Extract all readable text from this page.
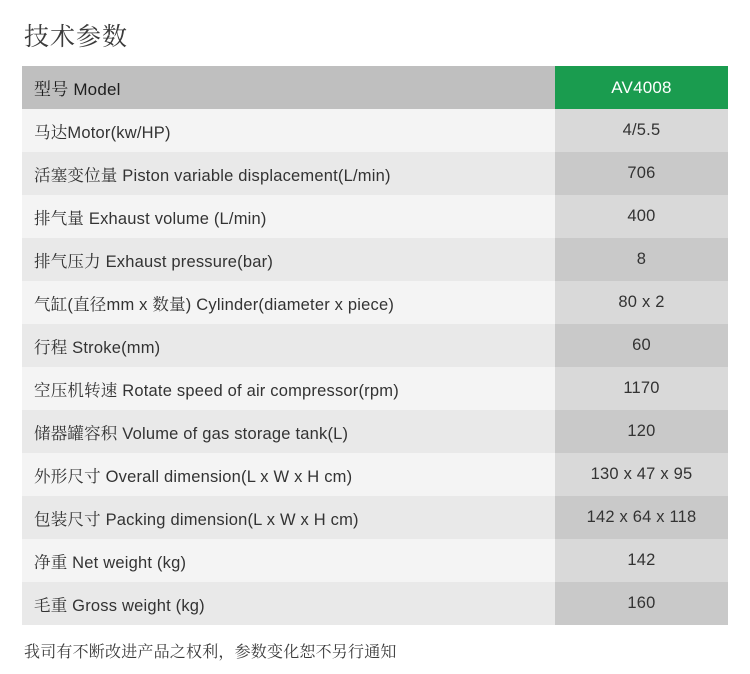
技术参数
型号 Model	AV4008
马达Motor(kw/HP)	4/5.5
活塞变位量 Piston variable displacement(L/min)	706
排气量 Exhaust volume (L/min)	400
排气压力 Exhaust pressure(bar)	8
气缸(直径mm x 数量) Cylinder(diameter x piece)	80 x 2
行程 Stroke(mm)	60
空压机转速 Rotate speed of air compressor(rpm)	1170
储器罐容积 Volume of gas storage tank(L)	120
外形尺寸 Overall dimension(L x W x H cm)	130 x 47 x 95
包装尺寸 Packing dimension(L x W x H cm)	142 x 64 x 118
净重 Net weight (kg)	142
毛重 Gross weight (kg)	160
我司有不断改进产品之权利，参数变化恕不另行通知
